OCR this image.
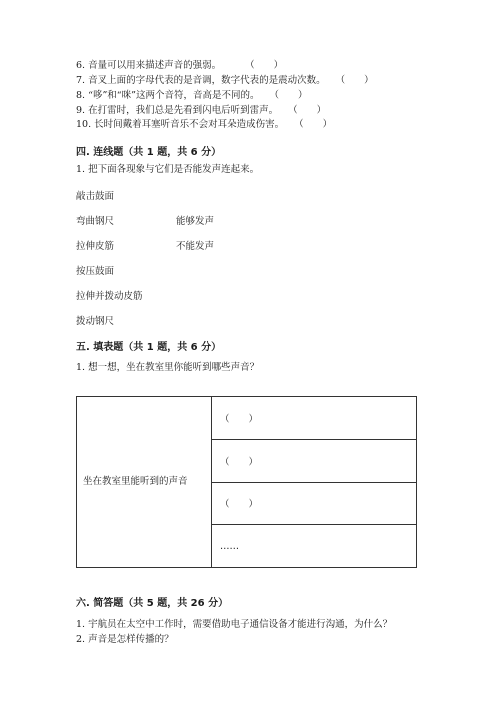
6. 音量可以用来描述声音的强弱。	（　　）
7. 音叉上面的字母代表的是音调，数字代表的是震动次数。 （　　）
8. “哆”和“咪”这两个音符，音高是不同的。 （　　）
9. 在打雷时，我们总是先看到闪电后听到雷声。 （　　）
10. 长时间戴着耳塞听音乐不会对耳朵造成伤害。 （　　）
四. 连线题（共 1 题，共 6 分）
1. 把下面各现象与它们是否能发声连起来。
敲击鼓面
弯曲钢尺
拉伸皮筋
按压鼓面
拉伸并拨动皮筋
拨动钢尺
能够发声
不能发声
五. 填表题（共 1 题，共 6 分）
1. 想一想，坐在教室里你能听到哪些声音？
坐在教室里能听到的声音	（　　）
（　　）
（　　）
……
六. 简答题（共 5 题，共 26 分）
1. 宇航员在太空中工作时，需要借助电子通信设备才能进行沟通，为什么？
2. 声音是怎样传播的？
